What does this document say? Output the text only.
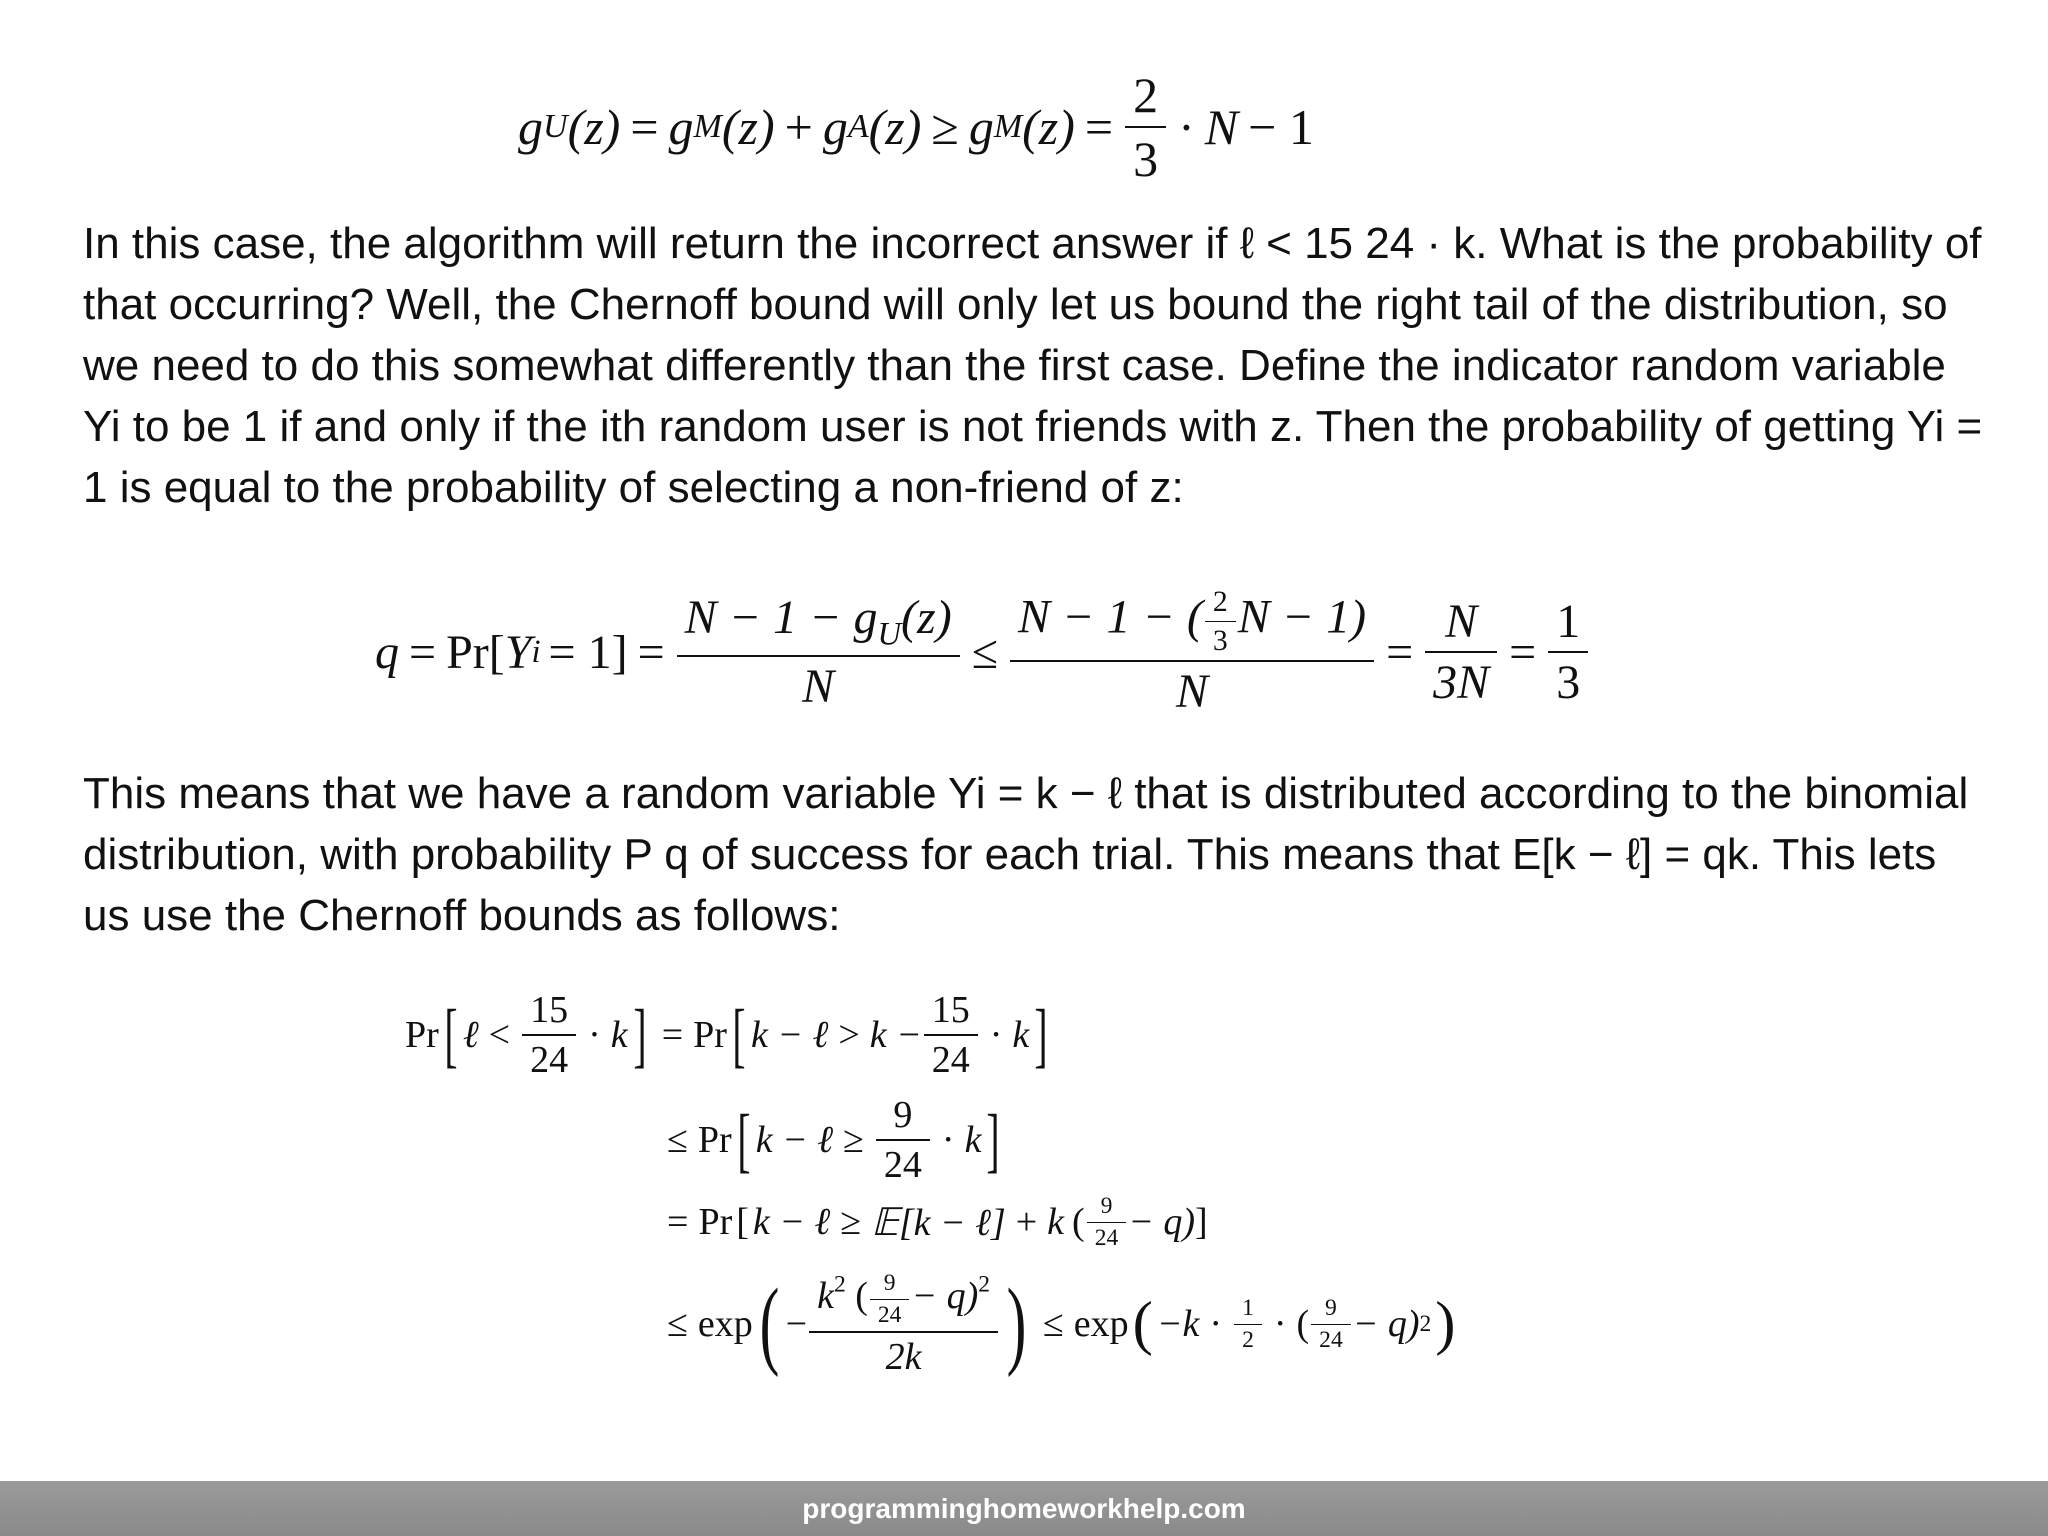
g U (z) = g M (z) + g A (z) ≥ g M $(z) = \frac{2}{3} \cdot N - 1$

In this case, the algorithm will return the incorrect answer if ℓ < 15 24 · k. What is the probability of that occurring? Well, the Chernoff bound will only let us bound the right tail of the distribution, so we need to do this somewhat differently than the first case. Define the indicator random variable Yi to be 1 if and only if the ith random user is not friends with z. Then the probability of getting Yi = 1 is equal to the probability of selecting a non-friend of z:

q = Pr[ Y $i = 1] = \frac{N - 1 - g_U(z)}{N} \le \frac{N - 1 - ( \frac{2}{3} N - 1)}{N} = \frac{N}{3N} = \frac{1}{3}$

This means that we have a random variable Yi = k − ℓ that is distributed according to the binomial distribution, with probability P q of success for each trial. This means that E[k − ℓ] = qk. This lets us use the Chernoff bounds as follows:

Pr [ ℓ < $\frac{15}{24} \cdot k$ ] = Pr [ k − ℓ > $k - \frac{15}{24} \cdot k$ ]
≤ Pr [ k − ℓ ≥ $\frac{9}{24} \cdot k$ ]
= Pr [ k − ℓ ≥ 𝔼[k − ℓ] + k ( $\frac{9}{24} - q$) ]
≤ exp ( − $\frac{k^2 ( \frac{9}{24} - q)^2}{2k}$ ) ≤ exp ( $-k \cdot \frac{1}{2}$ · ( $\frac{9}{24} - q$) 2 )
programminghomeworkhelp.com
